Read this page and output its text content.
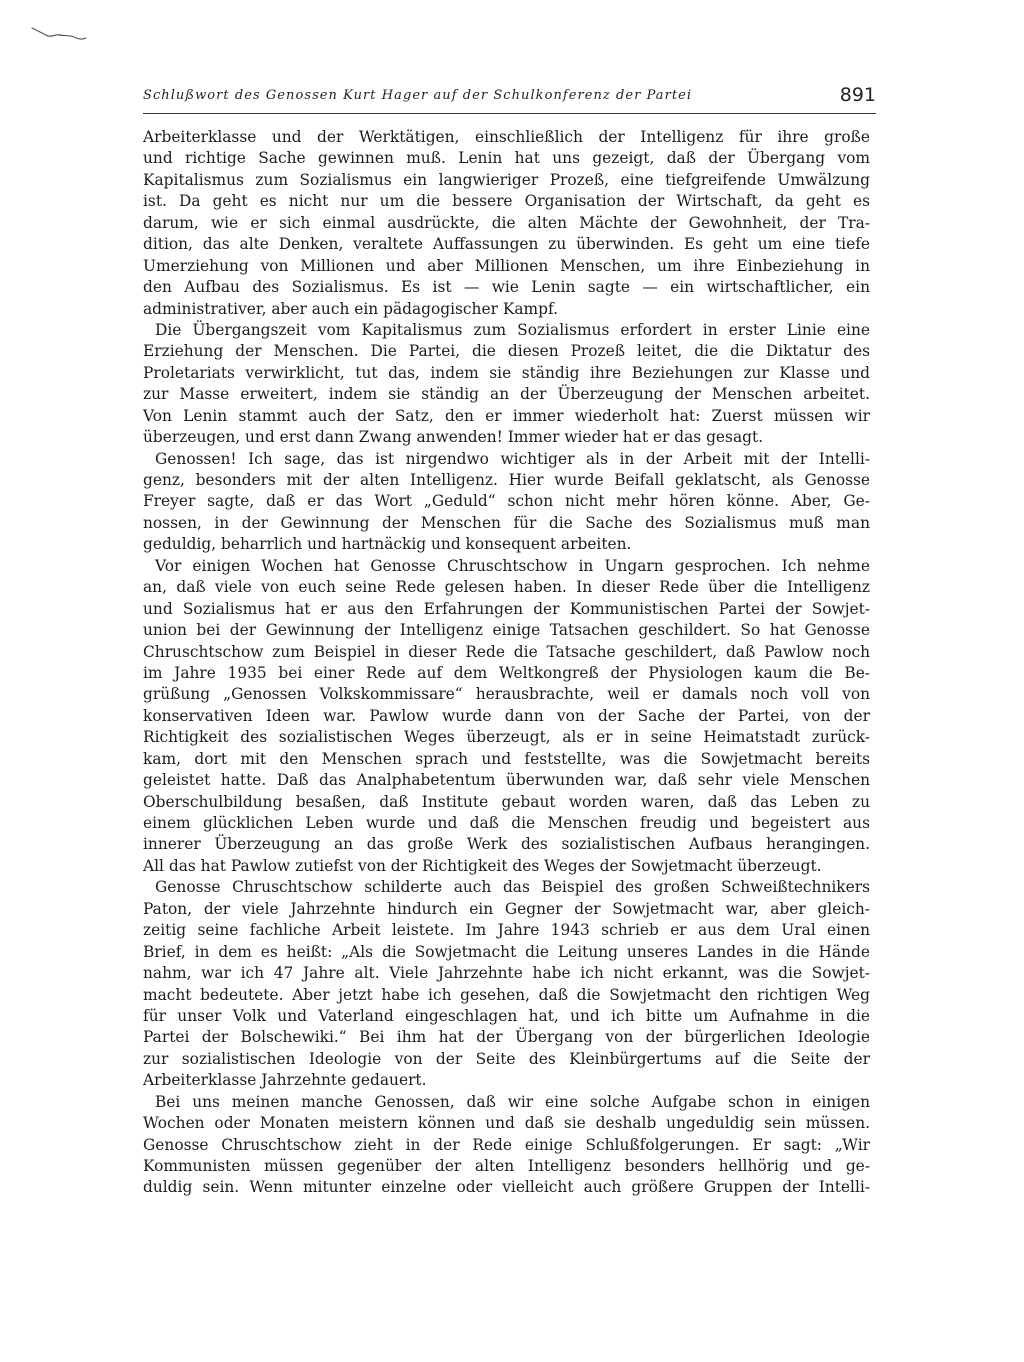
Schlußwort des Genossen Kurt Hager auf der Schulkonferenz der Partei	891
Arbeiterklasse und der Werktätigen, einschließlich der Intelligenz für ihre große
und richtige Sache gewinnen muß. Lenin hat uns gezeigt, daß der Übergang vom
Kapitalismus zum Sozialismus ein langwieriger Prozeß, eine tiefgreifende Umwälzung
ist. Da geht es nicht nur um die bessere Organisation der Wirtschaft, da geht es
darum, wie er sich einmal ausdrückte, die alten Mächte der Gewohnheit, der Tra-
dition, das alte Denken, veraltete Auffassungen zu überwinden. Es geht um eine tiefe
Umerziehung von Millionen und aber Millionen Menschen, um ihre Einbeziehung in
den Aufbau des Sozialismus. Es ist — wie Lenin sagte — ein wirtschaftlicher, ein
administrativer, aber auch ein pädagogischer Kampf.
Die Übergangszeit vom Kapitalismus zum Sozialismus erfordert in erster Linie eine
Erziehung der Menschen. Die Partei, die diesen Prozeß leitet, die die Diktatur des
Proletariats verwirklicht, tut das, indem sie ständig ihre Beziehungen zur Klasse und
zur Masse erweitert, indem sie ständig an der Überzeugung der Menschen arbeitet.
Von Lenin stammt auch der Satz, den er immer wiederholt hat: Zuerst müssen wir
überzeugen, und erst dann Zwang anwenden! Immer wieder hat er das gesagt.
Genossen! Ich sage, das ist nirgendwo wichtiger als in der Arbeit mit der Intelli-
genz, besonders mit der alten Intelligenz. Hier wurde Beifall geklatscht, als Genosse
Freyer sagte, daß er das Wort „Geduld“ schon nicht mehr hören könne. Aber, Ge-
nossen, in der Gewinnung der Menschen für die Sache des Sozialismus muß man
geduldig, beharrlich und hartnäckig und konsequent arbeiten.
Vor einigen Wochen hat Genosse Chruschtschow in Ungarn gesprochen. Ich nehme
an, daß viele von euch seine Rede gelesen haben. In dieser Rede über die Intelligenz
und Sozialismus hat er aus den Erfahrungen der Kommunistischen Partei der Sowjet-
union bei der Gewinnung der Intelligenz einige Tatsachen geschildert. So hat Genosse
Chruschtschow zum Beispiel in dieser Rede die Tatsache geschildert, daß Pawlow noch
im Jahre 1935 bei einer Rede auf dem Weltkongreß der Physiologen kaum die Be-
grüßung „Genossen Volkskommissare“ herausbrachte, weil er damals noch voll von
konservativen Ideen war. Pawlow wurde dann von der Sache der Partei, von der
Richtigkeit des sozialistischen Weges überzeugt, als er in seine Heimatstadt zurück-
kam, dort mit den Menschen sprach und feststellte, was die Sowjetmacht bereits
geleistet hatte. Daß das Analphabetentum überwunden war, daß sehr viele Menschen
Oberschulbildung besaßen, daß Institute gebaut worden waren, daß das Leben zu
einem glücklichen Leben wurde und daß die Menschen freudig und begeistert aus
innerer Überzeugung an das große Werk des sozialistischen Aufbaus herangingen.
All das hat Pawlow zutiefst von der Richtigkeit des Weges der Sowjetmacht überzeugt.
Genosse Chruschtschow schilderte auch das Beispiel des großen Schweißtechnikers
Paton, der viele Jahrzehnte hindurch ein Gegner der Sowjetmacht war, aber gleich-
zeitig seine fachliche Arbeit leistete. Im Jahre 1943 schrieb er aus dem Ural einen
Brief, in dem es heißt: „Als die Sowjetmacht die Leitung unseres Landes in die Hände
nahm, war ich 47 Jahre alt. Viele Jahrzehnte habe ich nicht erkannt, was die Sowjet-
macht bedeutete. Aber jetzt habe ich gesehen, daß die Sowjetmacht den richtigen Weg
für unser Volk und Vaterland eingeschlagen hat, und ich bitte um Aufnahme in die
Partei der Bolschewiki.“ Bei ihm hat der Übergang von der bürgerlichen Ideologie
zur sozialistischen Ideologie von der Seite des Kleinbürgertums auf die Seite der
Arbeiterklasse Jahrzehnte gedauert.
Bei uns meinen manche Genossen, daß wir eine solche Aufgabe schon in einigen
Wochen oder Monaten meistern können und daß sie deshalb ungeduldig sein müssen.
Genosse Chruschtschow zieht in der Rede einige Schlußfolgerungen. Er sagt: „Wir
Kommunisten müssen gegenüber der alten Intelligenz besonders hellhörig und ge-
duldig sein. Wenn mitunter einzelne oder vielleicht auch größere Gruppen der Intelli-
